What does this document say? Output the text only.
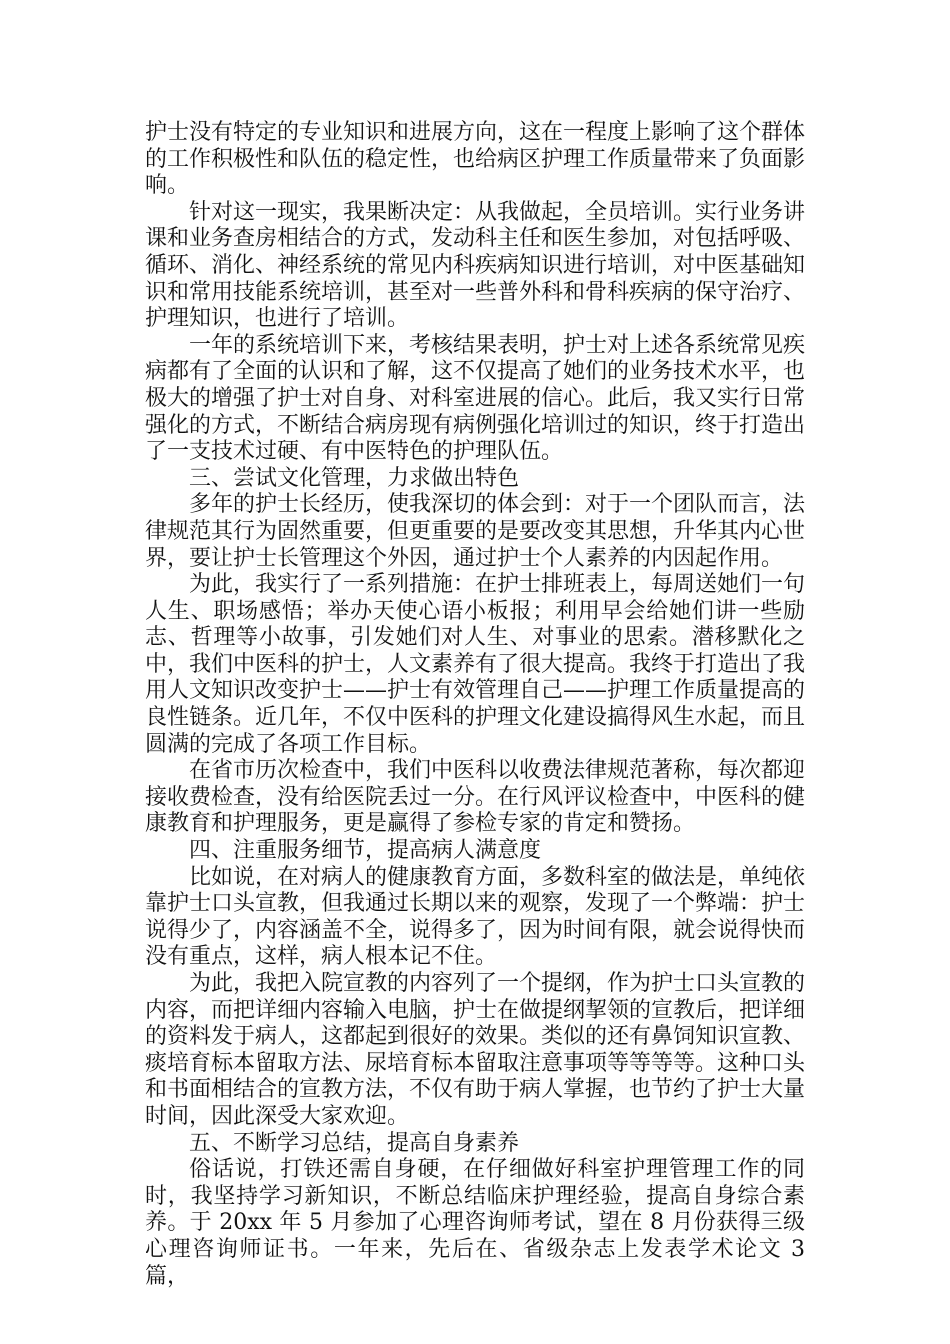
护士没有特定的专业知识和进展方向，这在一程度上影响了这个群体的工作积极性和队伍的稳定性，也给病区护理工作质量带来了负面影响。

针对这一现实，我果断决定：从我做起，全员培训。实行业务讲课和业务查房相结合的方式，发动科主任和医生参加，对包括呼吸、循环、消化、神经系统的常见内科疾病知识进行培训，对中医基础知识和常用技能系统培训，甚至对一些普外科和骨科疾病的保守治疗、护理知识，也进行了培训。

一年的系统培训下来，考核结果表明，护士对上述各系统常见疾病都有了全面的认识和了解，这不仅提高了她们的业务技术水平，也极大的增强了护士对自身、对科室进展的信心。此后，我又实行日常强化的方式，不断结合病房现有病例强化培训过的知识，终于打造出了一支技术过硬、有中医特色的护理队伍。

三、尝试文化管理，力求做出特色

多年的护士长经历，使我深切的体会到：对于一个团队而言，法律规范其行为固然重要，但更重要的是要改变其思想，升华其内心世界，要让护士长管理这个外因，通过护士个人素养的内因起作用。

为此，我实行了一系列措施：在护士排班表上，每周送她们一句人生、职场感悟；举办天使心语小板报；利用早会给她们讲一些励志、哲理等小故事，引发她们对人生、对事业的思索。潜移默化之中，我们中医科的护士，人文素养有了很大提高。我终于打造出了我用人文知识改变护士——护士有效管理自己——护理工作质量提高的良性链条。近几年，不仅中医科的护理文化建设搞得风生水起，而且圆满的完成了各项工作目标。

在省市历次检查中，我们中医科以收费法律规范著称，每次都迎接收费检查，没有给医院丢过一分。在行风评议检查中，中医科的健康教育和护理服务，更是赢得了参检专家的肯定和赞扬。

四、注重服务细节，提高病人满意度

比如说，在对病人的健康教育方面，多数科室的做法是，单纯依靠护士口头宣教，但我通过长期以来的观察，发现了一个弊端：护士说得少了，内容涵盖不全，说得多了，因为时间有限，就会说得快而没有重点，这样，病人根本记不住。

为此，我把入院宣教的内容列了一个提纲，作为护士口头宣教的内容，而把详细内容输入电脑，护士在做提纲挈领的宣教后，把详细的资料发于病人，这都起到很好的效果。类似的还有鼻饲知识宣教、痰培育标本留取方法、尿培育标本留取注意事项等等等等。这种口头和书面相结合的宣教方法，不仅有助于病人掌握，也节约了护士大量时间，因此深受大家欢迎。

五、不断学习总结，提高自身素养

俗话说，打铁还需自身硬，在仔细做好科室护理管理工作的同时，我坚持学习新知识，不断总结临床护理经验，提高自身综合素养。于 20xx 年 5 月参加了心理咨询师考试，望在 8 月份获得三级心理咨询师证书。一年来，先后在、省级杂志上发表学术论文 3 篇，
